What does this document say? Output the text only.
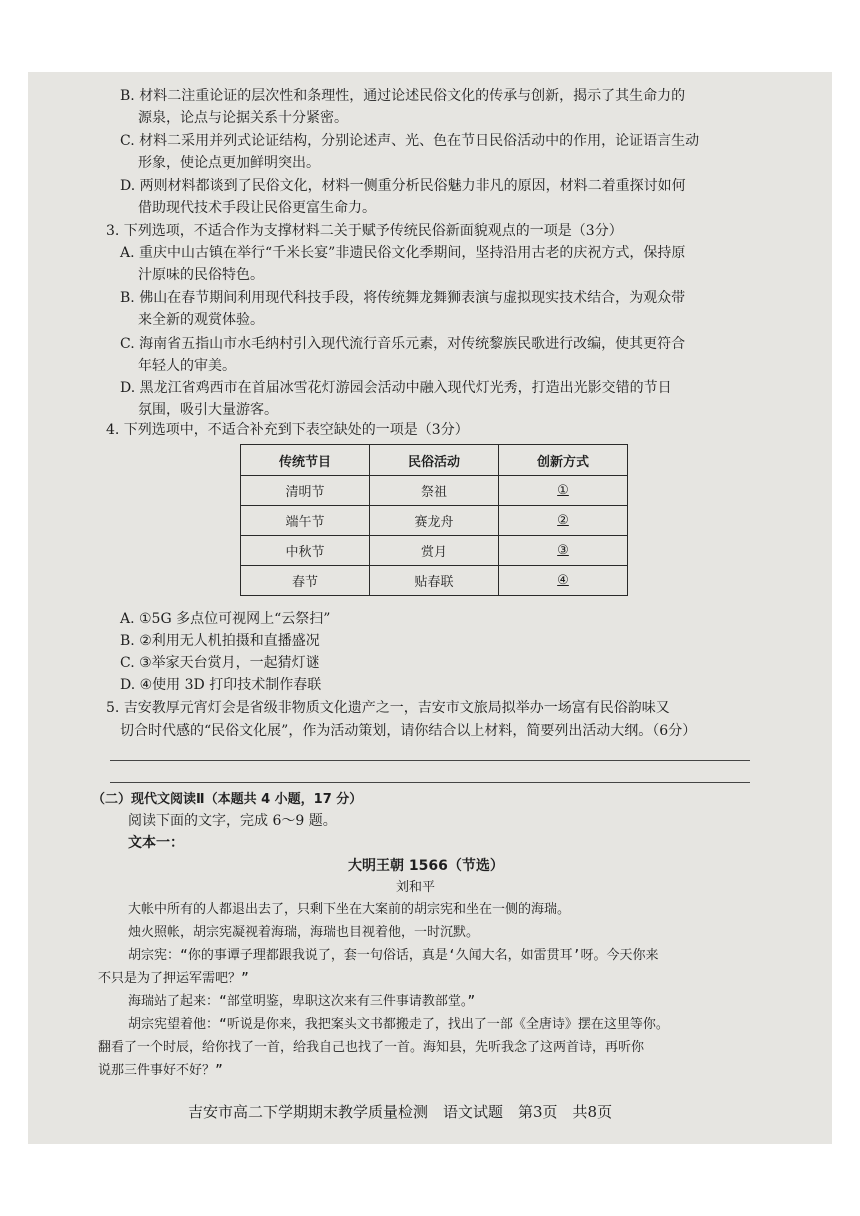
B. 材料二注重论证的层次性和条理性，通过论述民俗文化的传承与创新，揭示了其生命力的
源泉，论点与论据关系十分紧密。
C. 材料二采用并列式论证结构，分别论述声、光、色在节日民俗活动中的作用，论证语言生动
形象，使论点更加鲜明突出。
D. 两则材料都谈到了民俗文化，材料一侧重分析民俗魅力非凡的原因，材料二着重探讨如何
借助现代技术手段让民俗更富生命力。
3. 下列选项，不适合作为支撑材料二关于赋予传统民俗新面貌观点的一项是（3分）
A. 重庆中山古镇在举行“千米长宴”非遗民俗文化季期间，坚持沿用古老的庆祝方式，保持原
汁原味的民俗特色。
B. 佛山在春节期间利用现代科技手段，将传统舞龙舞狮表演与虚拟现实技术结合，为观众带
来全新的观赏体验。
C. 海南省五指山市水毛纳村引入现代流行音乐元素，对传统黎族民歌进行改编，使其更符合
年轻人的审美。
D. 黑龙江省鸡西市在首届冰雪花灯游园会活动中融入现代灯光秀，打造出光影交错的节日
氛围，吸引大量游客。
传统节目	民俗活动	创新方式
清明节	祭祖	①
端午节	赛龙舟	②
中秋节	赏月	③
春节	贴春联	④
A. ①5G 多点位可视网上“云祭扫”
B. ②利用无人机拍摄和直播盛况
C. ③举家天台赏月，一起猜灯谜
D. ④使用 3D 打印技术制作春联
5. 吉安教厚元宵灯会是省级非物质文化遗产之一，吉安市文旅局拟举办一场富有民俗韵味又
切合时代感的“民俗文化展”，作为活动策划，请你结合以上材料，简要列出活动大纲。（6分）
（二）现代文阅读Ⅱ（本题共 4 小题，17 分）
阅读下面的文字，完成 6～9 题。
文本一：
大明王朝 1566（节选）
刘和平
大帐中所有的人都退出去了，只剩下坐在大案前的胡宗宪和坐在一侧的海瑞。
烛火照帐，胡宗宪凝视着海瑞，海瑞也目视着他，一时沉默。
胡宗宪：“你的事谭子理都跟我说了，套一句俗话，真是‘久闻大名，如雷贯耳’呀。今天你来
不只是为了押运军需吧？”
海瑞站了起来：“部堂明鉴，卑职这次来有三件事请教部堂。”
胡宗宪望着他：“听说是你来，我把案头文书都搬走了，找出了一部《全唐诗》摆在这里等你。
翻看了一个时辰，给你找了一首，给我自己也找了一首。海知县，先听我念了这两首诗，再听你
说那三件事好不好？”
吉安市高二下学期期末教学质量检测　语文试题　第3页　共8页
4. 下列选项中，不适合补充到下表空缺处的一项是（3分）
